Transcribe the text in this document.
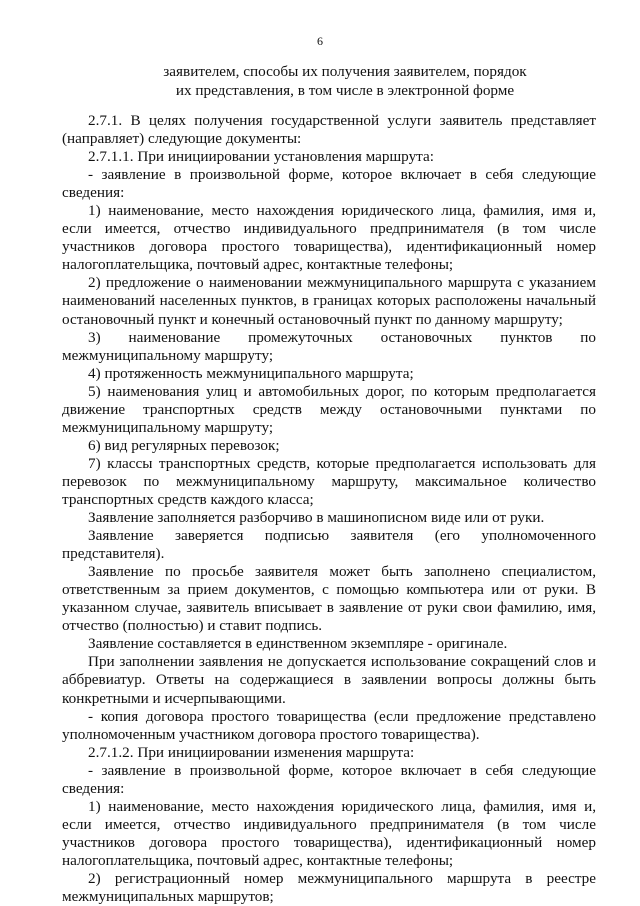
6
заявителем, способы их получения заявителем, порядок
их представления, в том числе в электронной форме

2.7.1. В целях получения государственной услуги заявитель представляет (направляет) следующие документы:

2.7.1.1. При инициировании установления маршрута:

- заявление в произвольной форме, которое включает в себя следующие сведения:

1) наименование, место нахождения юридического лица, фамилия, имя и, если имеется, отчество индивидуального предпринимателя (в том числе участников договора простого товарищества), идентификационный номер налогоплательщика, почтовый адрес, контактные телефоны;

2) предложение о наименовании межмуниципального маршрута с указанием наименований населенных пунктов, в границах которых расположены начальный остановочный пункт и конечный остановочный пункт по данному маршруту;

3) наименование промежуточных остановочных пунктов по межмуниципальному маршруту;

4) протяженность межмуниципального маршрута;

5) наименования улиц и автомобильных дорог, по которым предполагается движение транспортных средств между остановочными пунктами по межмуниципальному маршруту;

6) вид регулярных перевозок;

7) классы транспортных средств, которые предполагается использовать для перевозок по межмуниципальному маршруту, максимальное количество транспортных средств каждого класса;

Заявление заполняется разборчиво в машинописном виде или от руки.

Заявление заверяется подписью заявителя (его уполномоченного представителя).

Заявление по просьбе заявителя может быть заполнено специалистом, ответственным за прием документов, с помощью компьютера или от руки. В указанном случае, заявитель вписывает в заявление от руки свои фамилию, имя, отчество (полностью) и ставит подпись.

Заявление составляется в единственном экземпляре - оригинале.

При заполнении заявления не допускается использование сокращений слов и аббревиатур. Ответы на содержащиеся в заявлении вопросы должны быть конкретными и исчерпывающими.

- копия договора простого товарищества (если предложение представлено уполномоченным участником договора простого товарищества).

2.7.1.2. При инициировании изменения маршрута:

- заявление в произвольной форме, которое включает в себя следующие сведения:

1) наименование, место нахождения юридического лица, фамилия, имя и, если имеется, отчество индивидуального предпринимателя (в том числе участников договора простого товарищества), идентификационный номер налогоплательщика, почтовый адрес, контактные телефоны;

2) регистрационный номер межмуниципального маршрута в реестре межмуниципальных маршрутов;
